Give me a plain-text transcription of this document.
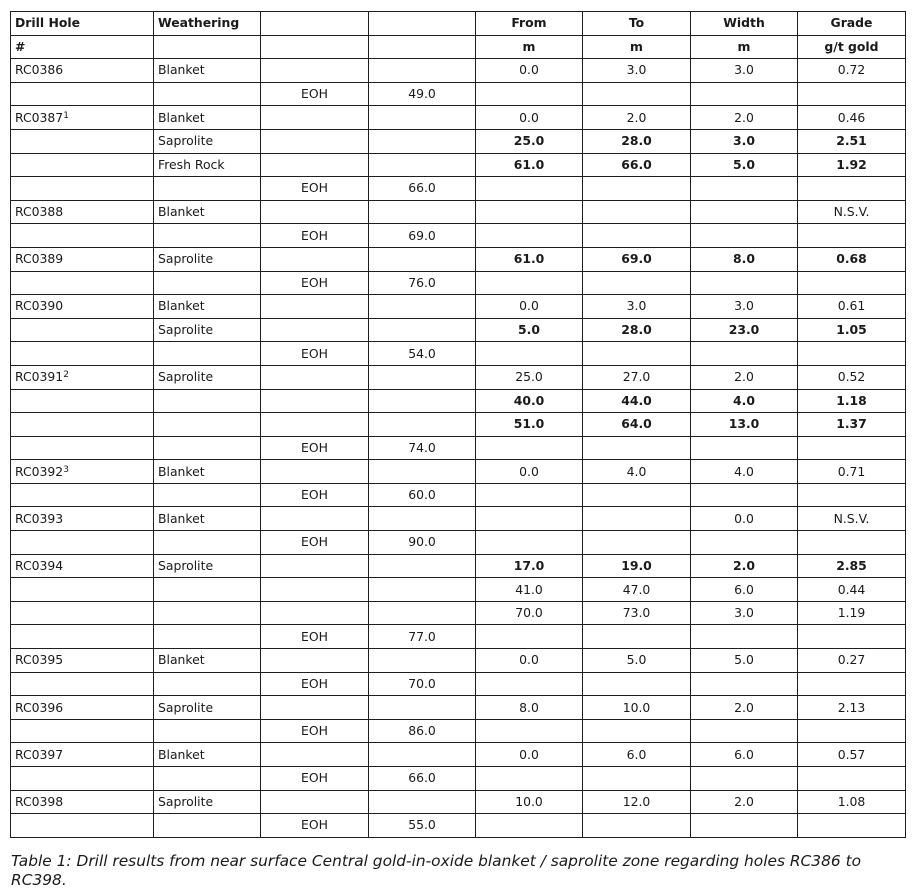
Drill Hole	Weathering			From	To	Width	Grade
#				m	m	m	g/t gold
RC0386	Blanket			0.0	3.0	3.0	0.72
		EOH	49.0				
RC0387$^1$	Blanket			0.0	2.0	2.0	0.46
	Saprolite			25.0	28.0	3.0	2.51
	Fresh Rock			61.0	66.0	5.0	1.92
		EOH	66.0				
RC0388	Blanket						N.S.V.
		EOH	69.0				
RC0389	Saprolite			61.0	69.0	8.0	0.68
		EOH	76.0				
RC0390	Blanket			0.0	3.0	3.0	0.61
	Saprolite			5.0	28.0	23.0	1.05
		EOH	54.0				
RC0391$^2$	Saprolite			25.0	27.0	2.0	0.52
				40.0	44.0	4.0	1.18
				51.0	64.0	13.0	1.37
		EOH	74.0				
RC0392$^3$	Blanket			0.0	4.0	4.0	0.71
		EOH	60.0				
RC0393	Blanket					0.0	N.S.V.
		EOH	90.0				
RC0394	Saprolite			17.0	19.0	2.0	2.85
				41.0	47.0	6.0	0.44
				70.0	73.0	3.0	1.19
		EOH	77.0				
RC0395	Blanket			0.0	5.0	5.0	0.27
		EOH	70.0				
RC0396	Saprolite			8.0	10.0	2.0	2.13
		EOH	86.0				
RC0397	Blanket			0.0	6.0	6.0	0.57
		EOH	66.0				
RC0398	Saprolite			10.0	12.0	2.0	1.08
		EOH	55.0				

Table 1: Drill results from near surface Central gold-in-oxide blanket / saprolite zone regarding holes RC386 to RC398.
